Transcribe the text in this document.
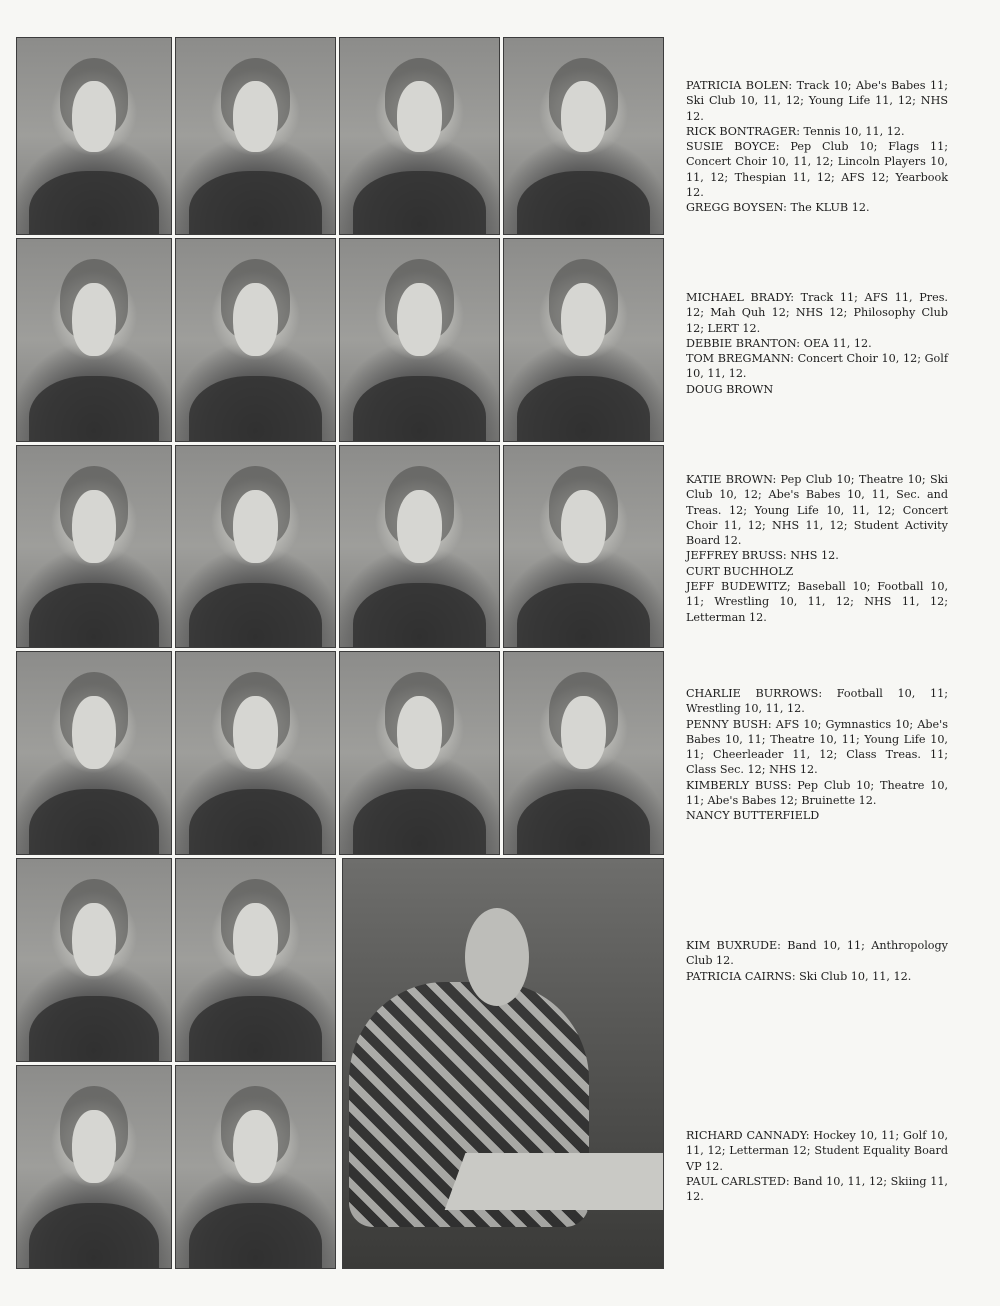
PATRICIA BOLEN: Track 10; Abe's Babes 11; Ski Club 10, 11, 12; Young Life 11, 12; NHS 12.

RICK BONTRAGER: Tennis 10, 11, 12.

SUSIE BOYCE: Pep Club 10; Flags 11; Concert Choir 10, 11, 12; Lincoln Players 10, 11, 12; Thespian 11, 12; AFS 12; Yearbook 12.

GREGG BOYSEN: The KLUB 12.

MICHAEL BRADY: Track 11; AFS 11, Pres. 12; Mah Quh 12; NHS 12; Philosophy Club 12; LERT 12.

DEBBIE BRANTON: OEA 11, 12.

TOM BREGMANN: Concert Choir 10, 12; Golf 10, 11, 12.

DOUG BROWN

KATIE BROWN: Pep Club 10; Theatre 10; Ski Club 10, 12; Abe's Babes 10, 11, Sec. and Treas. 12; Young Life 10, 11, 12; Concert Choir 11, 12; NHS 11, 12; Student Activity Board 12.

JEFFREY BRUSS: NHS 12.

CURT BUCHHOLZ

JEFF BUDEWITZ; Baseball 10; Football 10, 11; Wrestling 10, 11, 12; NHS 11, 12; Letterman 12.

CHARLIE BURROWS: Football 10, 11; Wrestling 10, 11, 12.

PENNY BUSH: AFS 10; Gymnastics 10; Abe's Babes 10, 11; Theatre 10, 11; Young Life 10, 11; Cheerleader 11, 12; Class Treas. 11; Class Sec. 12; NHS 12.

KIMBERLY BUSS: Pep Club 10; Theatre 10, 11; Abe's Babes 12; Bruinette 12.

NANCY BUTTERFIELD

KIM BUXRUDE: Band 10, 11; Anthropology Club 12.

PATRICIA CAIRNS: Ski Club 10, 11, 12.

RICHARD CANNADY: Hockey 10, 11; Golf 10, 11, 12; Letterman 12; Student Equality Board VP 12.

PAUL CARLSTED: Band 10, 11, 12; Skiing 11, 12.
